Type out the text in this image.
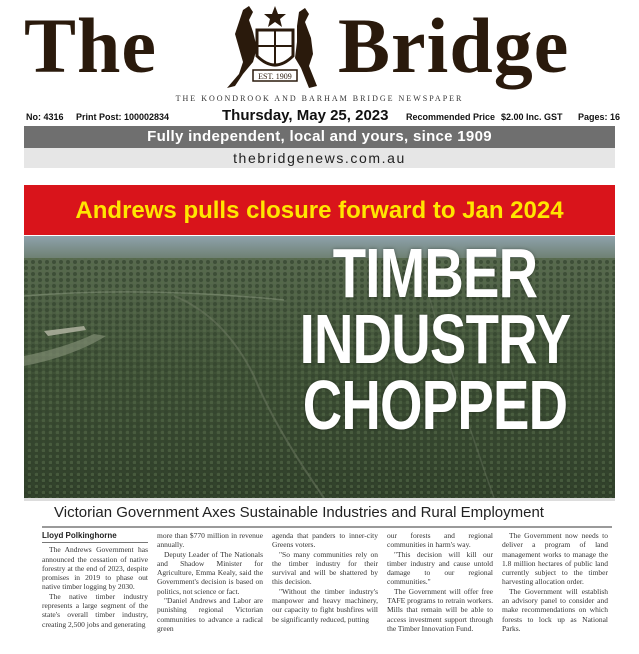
The	EST. 1909 Bridge
THE KOONDROOK AND BARHAM BRIDGE NEWSPAPER
No: 4316 Print Post: 100002834	Thursday, May 25, 2023 Recommended Price $2.00 Inc. GST Pages: 16
Fully independent, local and yours, since 1909
thebridgenews.com.au
Andrews pulls closure forward to Jan 2024
TIMBER
INDUSTRY
CHOPPED
Victorian Government Axes Sustainable Industries and Rural Employment
Lloyd Polkinghorne

The Andrews Government has announced the cessation of native forestry at the end of 2023, despite promises in 2019 to phase out native timber logging by 2030.

The native timber industry represents a large segment of the state's overall timber industry, creating 2,500 jobs and generating

more than $770 million in revenue annually.

Deputy Leader of The Nationals and Shadow Minister for Agriculture, Emma Kealy, said the Government's decision is based on politics, not science or fact.

"Daniel Andrews and Labor are punishing regional Victorian communities to advance a radical green

agenda that panders to inner-city Greens voters.

"So many communities rely on the timber industry for their survival and will be shattered by this decision.

"Without the timber industry's manpower and heavy machinery, our capacity to fight bushfires will be significantly reduced, putting

our forests and regional communities in harm's way.

"This decision will kill our timber industry and cause untold damage to our regional communities."

The Government will offer free TAFE programs to retrain workers. Mills that remain will be able to access investment support through the Timber Innovation Fund.

The Government now needs to deliver a program of land management works to manage the 1.8 million hectares of public land currently subject to the timber harvesting allocation order.

The Government will establish an advisory panel to consider and make recommendations on which forests to lock up as National Parks.
